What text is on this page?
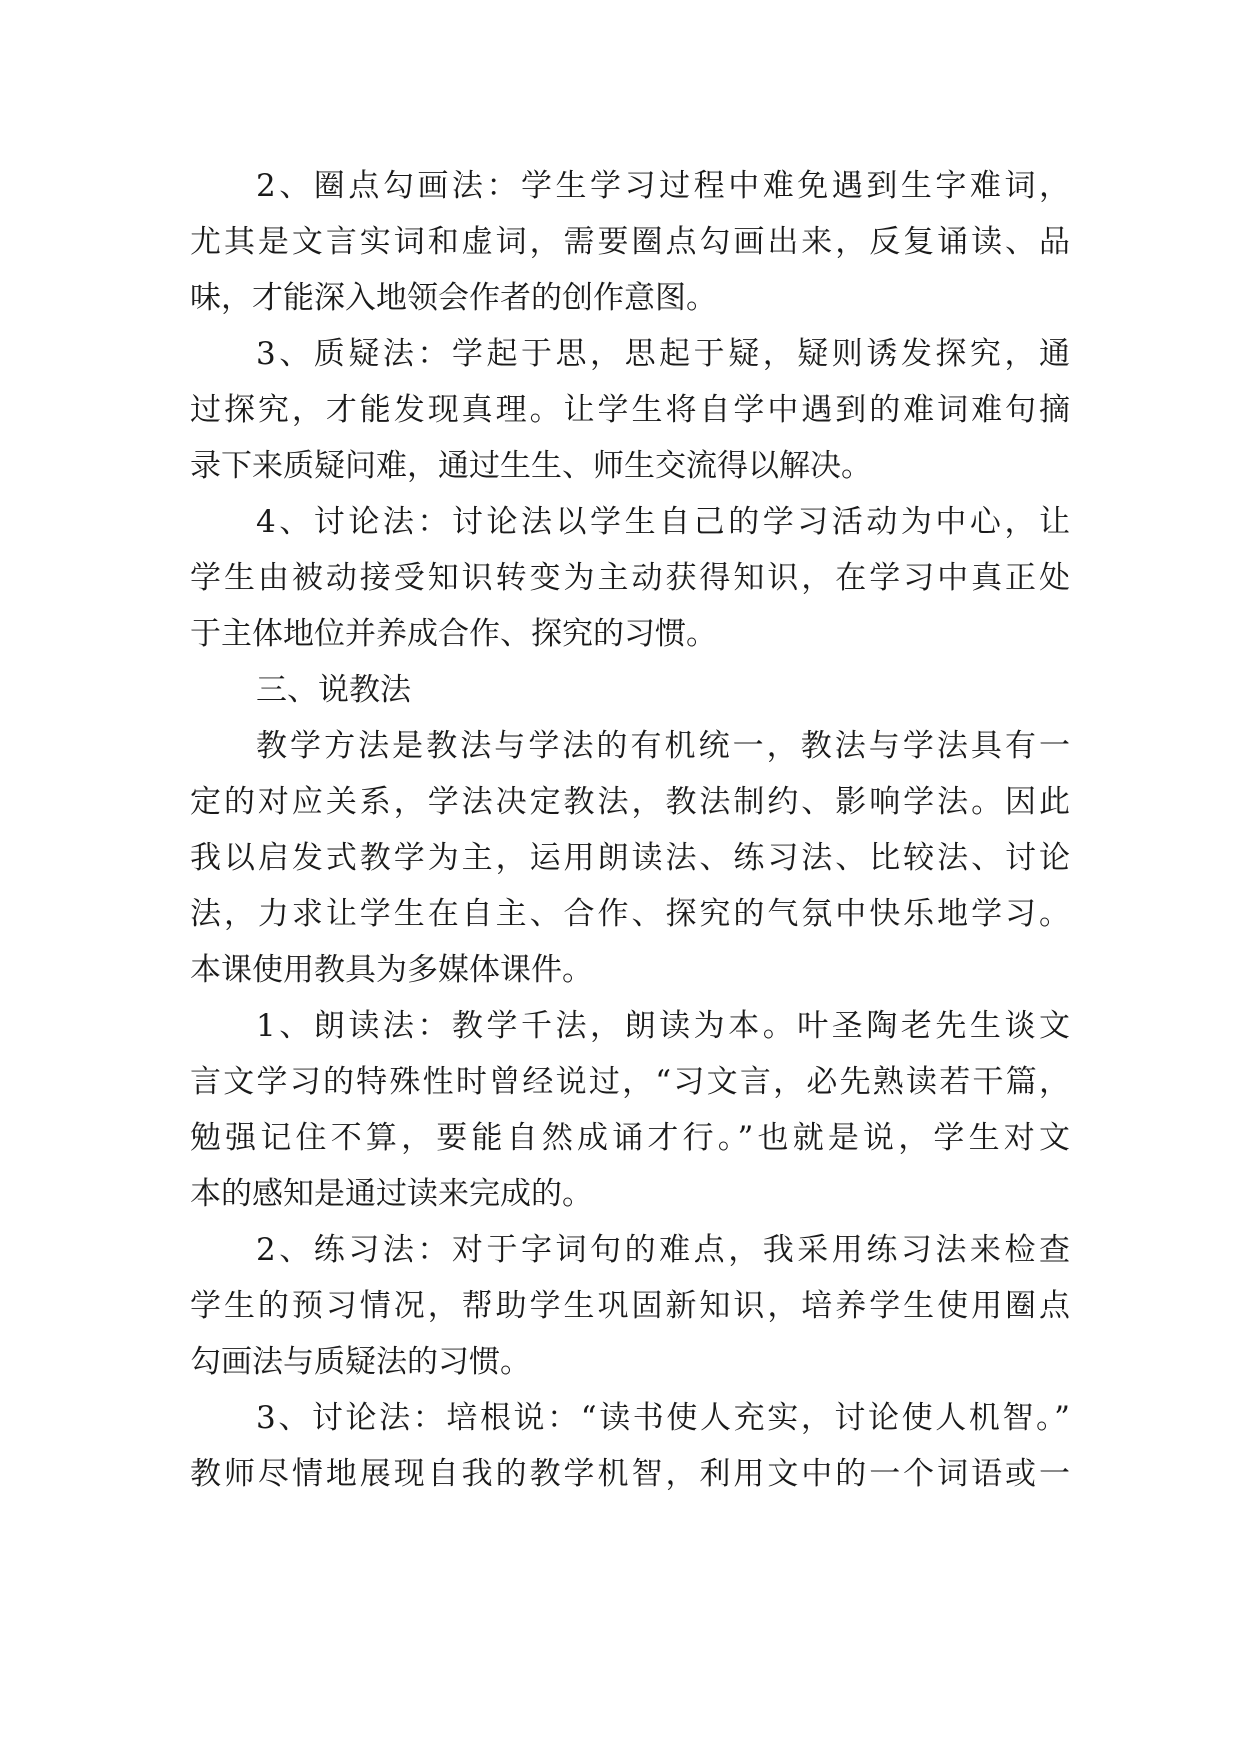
2、圈点勾画法：学生学习过程中难免遇到生字难词，
尤其是文言实词和虚词，需要圈点勾画出来，反复诵读、品
味，才能深入地领会作者的创作意图。
3、质疑法：学起于思，思起于疑，疑则诱发探究，通
过探究，才能发现真理。让学生将自学中遇到的难词难句摘
录下来质疑问难，通过生生、师生交流得以解决。
4、讨论法：讨论法以学生自己的学习活动为中心，让
学生由被动接受知识转变为主动获得知识，在学习中真正处
于主体地位并养成合作、探究的习惯。
三、说教法
教学方法是教法与学法的有机统一，教法与学法具有一
定的对应关系，学法决定教法，教法制约、影响学法。因此
我以启发式教学为主，运用朗读法、练习法、比较法、讨论
法，力求让学生在自主、合作、探究的气氛中快乐地学习。
本课使用教具为多媒体课件。
1、朗读法：教学千法，朗读为本。叶圣陶老先生谈文
言文学习的特殊性时曾经说过，“习文言，必先熟读若干篇，
勉强记住不算，要能自然成诵才行。”也就是说，学生对文
本的感知是通过读来完成的。
2、练习法：对于字词句的难点，我采用练习法来检查
学生的预习情况，帮助学生巩固新知识，培养学生使用圈点
勾画法与质疑法的习惯。
3、讨论法：培根说：“读书使人充实，讨论使人机智。”
教师尽情地展现自我的教学机智，利用文中的一个词语或一
